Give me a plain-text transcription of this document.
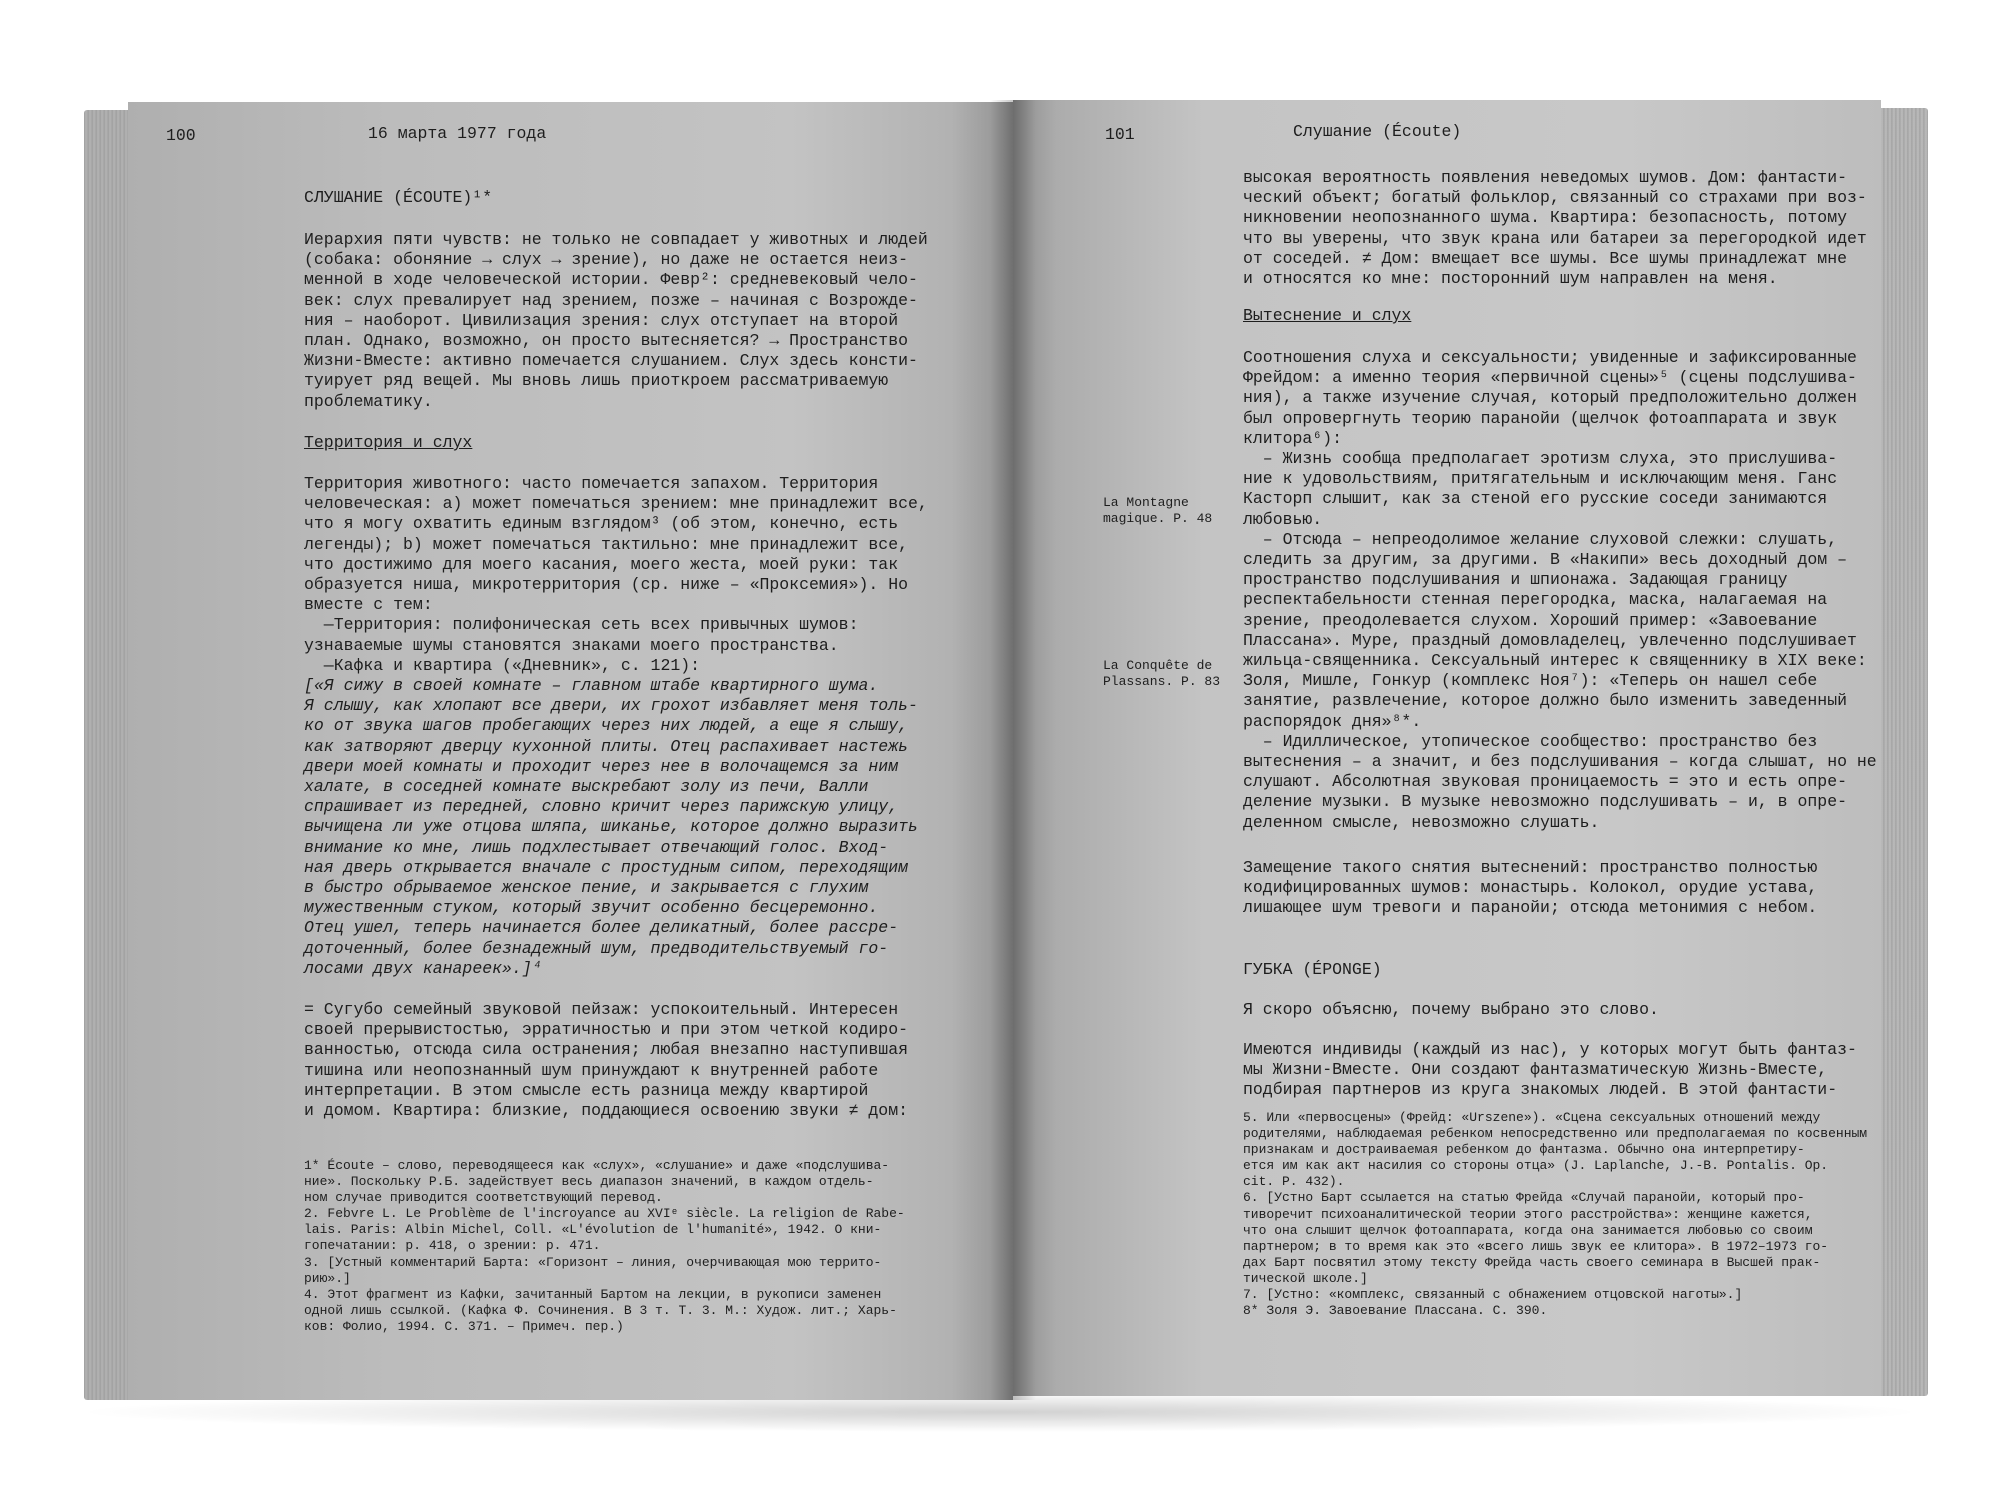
100	16 марта 1977 года
СЛУШАНИЕ (ÉCOUTE)¹*
Иерархия пяти чувств: не только не совпадает у животных и людей
(собака: обоняние → слух → зрение), но даже не остается неиз-
менной в ходе человеческой истории. Февр²: средневековый чело-
век: слух превалирует над зрением, позже – начиная с Возрожде-
ния – наоборот. Цивилизация зрения: слух отступает на второй
план. Однако, возможно, он просто вытесняется? → Пространство
Жизни-Вместе: активно помечается слушанием. Слух здесь консти-
туирует ряд вещей. Мы вновь лишь приоткроем рассматриваемую
проблематику.
Территория и слух
Территория животного: часто помечается запахом. Территория
человеческая: а) может помечаться зрением: мне принадлежит все,
что я могу охватить единым взглядом³ (об этом, конечно, есть
легенды); b) может помечаться тактильно: мне принадлежит все,
что достижимо для моего касания, моего жеста, моей руки: так
образуется ниша, микротерритория (ср. ниже – «Проксемия»). Но
вместе с тем:
—Территория: полифоническая сеть всех привычных шумов:
узнаваемые шумы становятся знаками моего пространства.
—Кафка и квартира («Дневник», с. 121):
[«Я сижу в своей комнате – главном штабе квартирного шума.
Я слышу, как хлопают все двери, их грохот избавляет меня толь-
ко от звука шагов пробегающих через них людей, а еще я слышу,
как затворяют дверцу кухонной плиты. Отец распахивает настежь
двери моей комнаты и проходит через нее в волочащемся за ним
халате, в соседней комнате выскребают золу из печи, Валли
спрашивает из передней, словно кричит через парижскую улицу,
вычищена ли уже отцова шляпа, шиканье, которое должно выразить
внимание ко мне, лишь подхлестывает отвечающий голос. Вход-
ная дверь открывается вначале с простудным сипом, переходящим
в быстро обрываемое женское пение, и закрывается с глухим
мужественным стуком, который звучит особенно бесцеремонно.
Отец ушел, теперь начинается более деликатный, более рассре-
доточенный, более безнадежный шум, предводительствуемый го-
лосами двух канареек».]⁴
= Сугубо семейный звуковой пейзаж: успокоительный. Интересен
своей прерывистостью, эрратичностью и при этом четкой кодиро-
ванностью, отсюда сила остранения; любая внезапно наступившая
тишина или неопознанный шум принуждают к внутренней работе
интерпретации. В этом смысле есть разница между квартирой
и домом. Квартира: близкие, поддающиеся освоению звуки ≠ дом:
1* Écoute – слово, переводящееся как «слух», «слушание» и даже «подслушива-
ние». Поскольку Р.Б. задействует весь диапазон значений, в каждом отдель-
ном случае приводится соответствующий перевод.
2. Febvre L. Le Problème de l'incroyance au XVIᵉ siècle. La religion de Rabe-
lais. Paris: Albin Michel, Coll. «L'évolution de l'humanité», 1942. О кни-
гопечатании: p. 418, о зрении: p. 471.
3. [Устный комментарий Барта: «Горизонт – линия, очерчивающая мою террито-
рию».]
4. Этот фрагмент из Кафки, зачитанный Бартом на лекции, в рукописи заменен
одной лишь ссылкой. (Кафка Ф. Сочинения. В 3 т. Т. 3. М.: Худож. лит.; Харь-
ков: Фолио, 1994. С. 371. – Примеч. пер.)
101	Слушание (Écoute)
высокая вероятность появления неведомых шумов. Дом: фантасти-
ческий объект; богатый фольклор, связанный со страхами при воз-
никновении неопознанного шума. Квартира: безопасность, потому
что вы уверены, что звук крана или батареи за перегородкой идет
от соседей. ≠ Дом: вмещает все шумы. Все шумы принадлежат мне
и относятся ко мне: посторонний шум направлен на меня.
Вытеснение и слух
Соотношения слуха и сексуальности; увиденные и зафиксированные
Фрейдом: а именно теория «первичной сцены»⁵ (сцены подслушива-
ния), а также изучение случая, который предположительно должен
был опровергнуть теорию паранойи (щелчок фотоаппарата и звук
клитора⁶):
– Жизнь сообща предполагает эротизм слуха, это прислушива-
ние к удовольствиям, притягательным и исключающим меня. Ганс
Касторп слышит, как за стеной его русские соседи занимаются
любовью.
– Отсюда – непреодолимое желание слуховой слежки: слушать,
следить за другим, за другими. В «Накипи» весь доходный дом –
пространство подслушивания и шпионажа. Задающая границу
респектабельности стенная перегородка, маска, налагаемая на
зрение, преодолевается слухом. Хороший пример: «Завоевание
Плассана». Муре, праздный домовладелец, увлеченно подслушивает
жильца-священника. Сексуальный интерес к священнику в XIX веке:
Золя, Мишле, Гонкур (комплекс Ноя⁷): «Теперь он нашел себе
занятие, развлечение, которое должно было изменить заведенный
распорядок дня»⁸*.
– Идиллическое, утопическое сообщество: пространство без
вытеснения – а значит, и без подслушивания – когда слышат, но не
слушают. Абсолютная звуковая проницаемость = это и есть опре-
деление музыки. В музыке невозможно подслушивать – и, в опре-
деленном смысле, невозможно слушать.
Замещение такого снятия вытеснений: пространство полностью
кодифицированных шумов: монастырь. Колокол, орудие устава,
лишающее шум тревоги и паранойи; отсюда метонимия с небом.
ГУБКА (ÉPONGE)
Я скоро объясню, почему выбрано это слово.
Имеются индивиды (каждый из нас), у которых могут быть фантаз-
мы Жизни-Вместе. Они создают фантазматическую Жизнь-Вместе,
подбирая партнеров из круга знакомых людей. В этой фантасти-
La Montagne
magique. P. 48
La Conquête de
Plassans. P. 83
5. Или «первосцены» (Фрейд: «Urszene»). «Сцена сексуальных отношений между
родителями, наблюдаемая ребенком непосредственно или предполагаемая по косвенным
признакам и достраиваемая ребенком до фантазма. Обычно она интерпретиру-
ется им как акт насилия со стороны отца» (J. Laplanche, J.-B. Pontalis. Op.
cit. P. 432).
6. [Устно Барт ссылается на статью Фрейда «Случай паранойи, который про-
тиворечит психоаналитической теории этого расстройства»: женщине кажется,
что она слышит щелчок фотоаппарата, когда она занимается любовью со своим
партнером; в то время как это «всего лишь звук ее клитора». В 1972–1973 го-
дах Барт посвятил этому тексту Фрейда часть своего семинара в Высшей прак-
тической школе.]
7. [Устно: «комплекс, связанный с обнажением отцовской наготы».]
8* Золя Э. Завоевание Плассана. С. 390.
